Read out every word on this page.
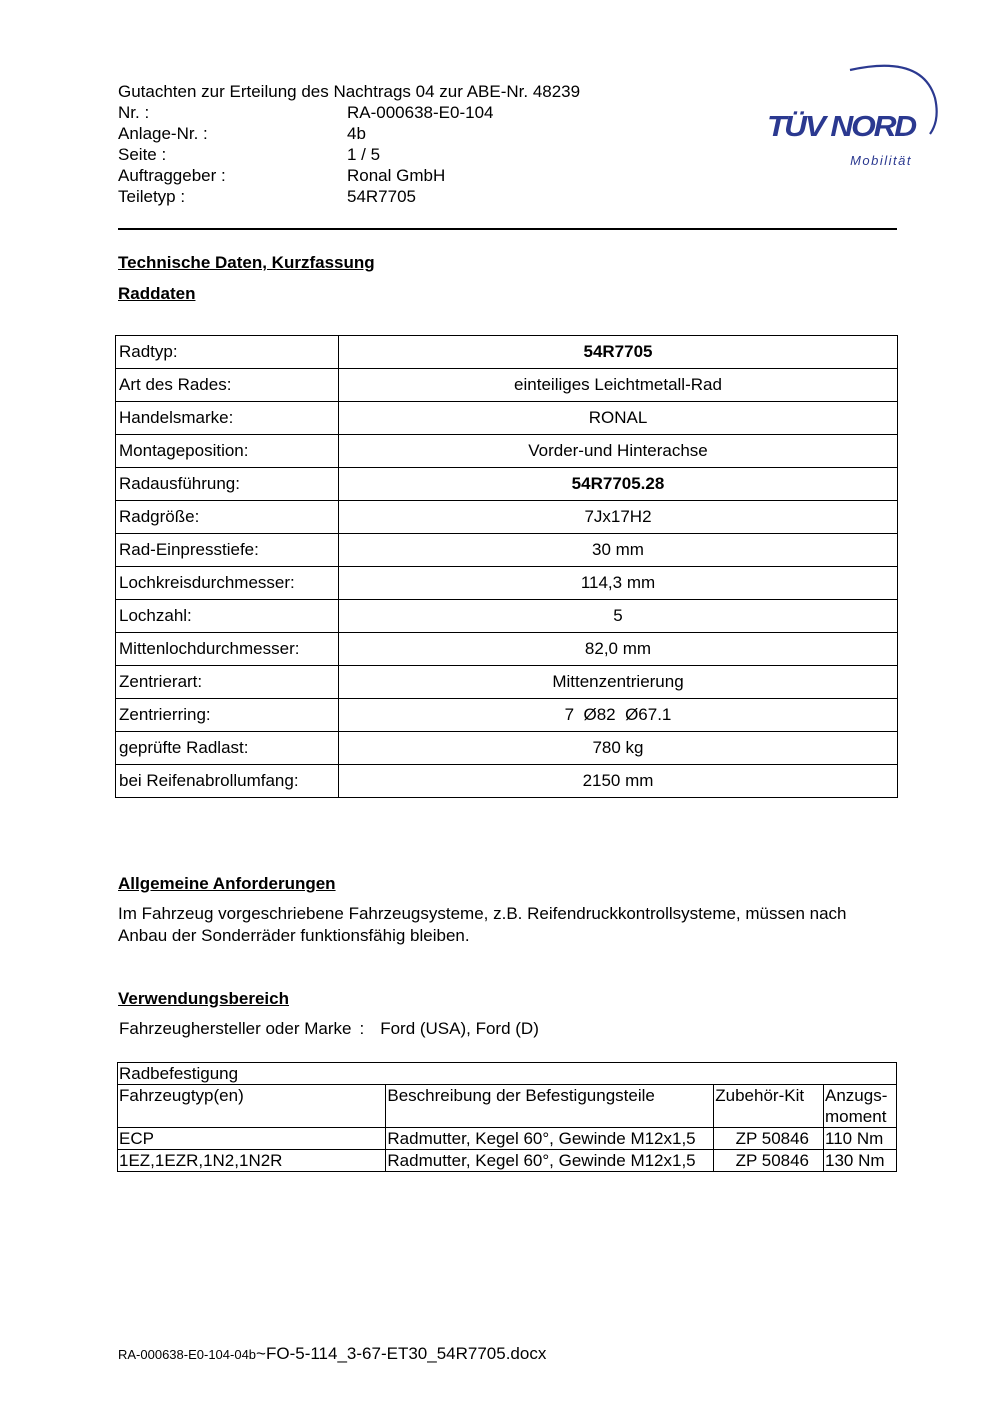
Gutachten zur Erteilung des Nachtrags 04 zur ABE-Nr. 48239
Nr. :	RA-000638-E0-104
Anlage-Nr. :	4b
Seite :	1 / 5
Auftraggeber :	Ronal GmbH
Teiletyp :	54R7705
TÜV NORD
Mobilität
Technische Daten, Kurzfassung
Raddaten
Radtyp:	54R7705
Art des Rades:	einteiliges Leichtmetall-Rad
Handelsmarke:	RONAL
Montageposition:	Vorder-und Hinterachse
Radausführung:	54R7705.28
Radgröße:	7Jx17H2
Rad-Einpresstiefe:	30 mm
Lochkreisdurchmesser:	114,3 mm
Lochzahl:	5
Mittenlochdurchmesser:	82,0 mm
Zentrierart:	Mittenzentrierung
Zentrierring:	7  Ø82  Ø67.1
geprüfte Radlast:	780 kg
bei Reifenabrollumfang:	2150 mm
Allgemeine Anforderungen
Im Fahrzeug vorgeschriebene Fahrzeugsysteme, z.B. Reifendruckkontrollsysteme, müssen nach Anbau der Sonderräder funktionsfähig bleiben.
Verwendungsbereich
Fahrzeughersteller oder Marke : Ford (USA), Ford (D)
Radbefestigung			
Fahrzeugtyp(en)	Beschreibung der Befestigungsteile	Zubehör-Kit	Anzugs-
moment
ECP	Radmutter, Kegel 60°, Gewinde M12x1,5	ZP 50846	110 Nm
1EZ,1EZR,1N2,1N2R	Radmutter, Kegel 60°, Gewinde M12x1,5	ZP 50846	130 Nm
RA-000638-E0-104-04b~FO-5-114_3-67-ET30_54R7705.docx
